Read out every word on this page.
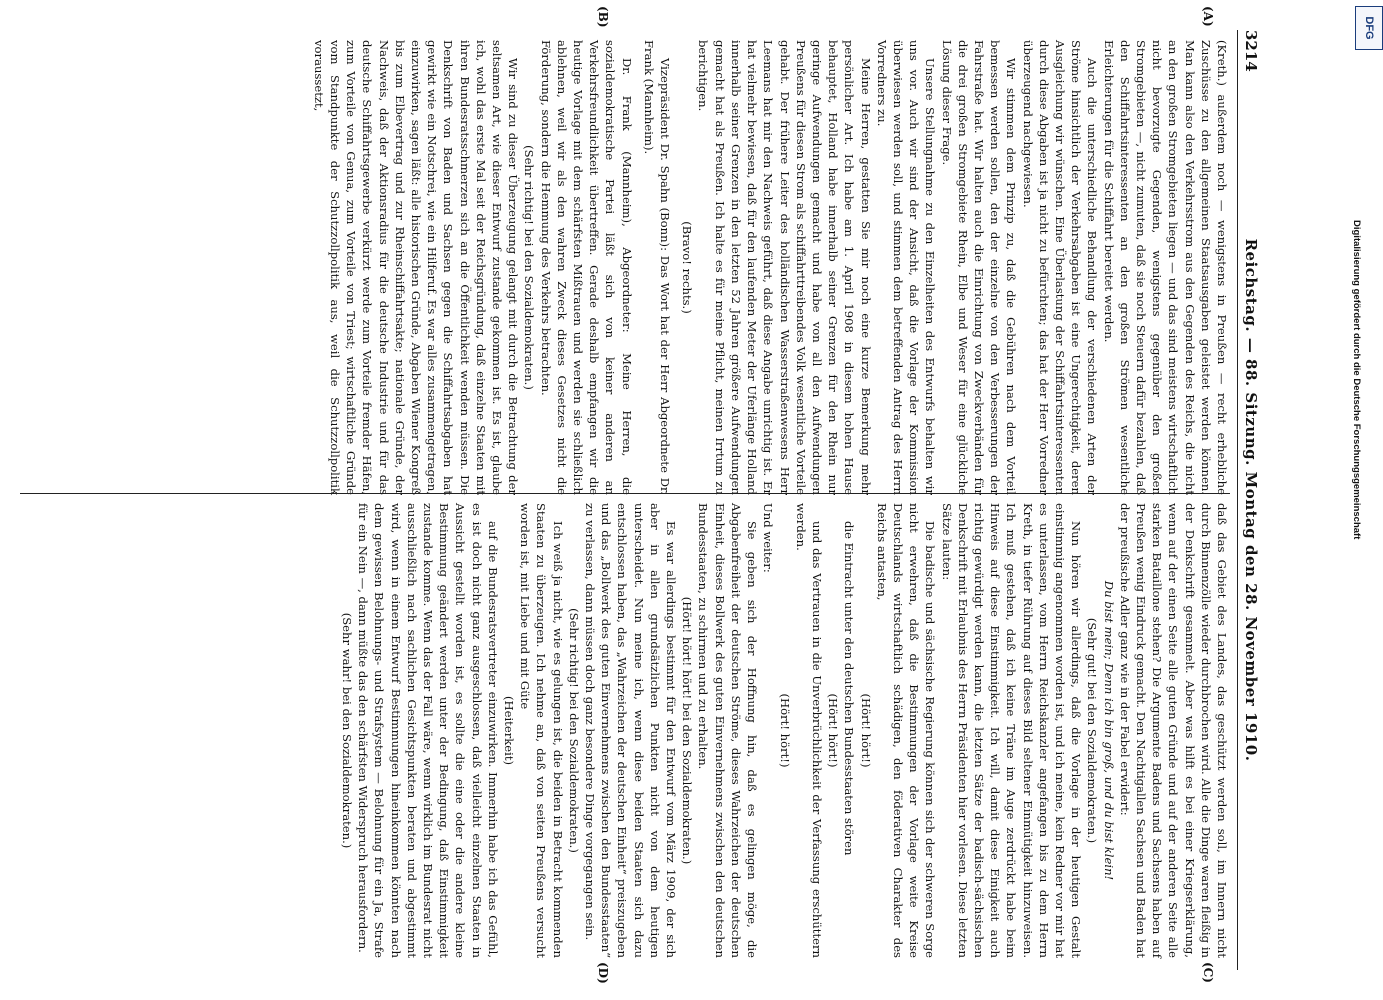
DFG
Digitalisierung gefördert durch die Deutsche Forschungsgemeinschaft
3214
Reichstag. — 88. Sitzung. Montag den 28. November 1910.
(A)
(B)
(C)
(D)

(Kreth.) außerdem noch — wenigstens in Preußen — recht erhebliche Zuschüsse zu den allgemeinen Staatsausgaben geleistet werden können. Man kann also den Verkehrsstrom aus den Gegenden des Reichs, die nicht an den großen Stromgebieten liegen — und das sind meistens wirtschaftlich nicht bevorzugte Gegenden, wenigstens gegenüber den großen Stromgebieten —, nicht zumuten, daß sie noch Steuern dafür bezahlen, daß den Schiffahrtsinteressenten an den großen Strömen wesentliche Erleichterungen für die Schiffahrt bereitet werden.

Auch die unterschiedliche Behandlung der verschiedenen Arten der Ströme hinsichtlich der Verkehrsabgaben ist eine Ungerechtigkeit, deren Ausgleichung wir wünschen. Eine Überlastung der Schiffahrtsinteressenten durch diese Abgaben ist ja nicht zu befürchten; das hat der Herr Vorredner überzeugend nachgewiesen.

Wir stimmen dem Prinzip zu, daß die Gebühren nach dem Vorteil bemessen werden sollen, den der einzelne von den Verbesserungen der Fahrstraße hat. Wir halten auch die Einrichtung von Zweckverbänden für die drei großen Stromgebiete Rhein, Elbe und Weser für eine glückliche Lösung dieser Frage.

Unsere Stellungnahme zu den Einzelheiten des Entwurfs behalten wir uns vor. Auch wir sind der Ansicht, daß die Vorlage der Kommission überwiesen werden soll, und stimmen dem betreffenden Antrag des Herrn Vorredners zu.

Meine Herren, gestatten Sie mir noch eine kurze Bemerkung mehr persönlicher Art. Ich habe am 1. April 1908 in diesem hohen Hause behauptet, Holland habe innerhalb seiner Grenzen für den Rhein nur geringe Aufwendungen gemacht und habe von all den Aufwendungen Preußens für diesen Strom als schiffahrttreibendes Volk wesentliche Vorteile gehabt. Der frühere Leiter des holländischen Wasserstraßenwesens Herr Leemans hat mir den Nachweis geführt, daß diese Angabe unrichtig ist. Er hat vielmehr bewiesen, daß für den laufenden Meter der Uferlänge Holland innerhalb seiner Grenzen in den letzten 52 Jahren größere Aufwendungen gemacht hat als Preußen. Ich halte es für meine Pflicht, meinen Irrtum zu berichtigen.

(Bravo! rechts.)

Vizepräsident Dr. Spahn (Bonn): Das Wort hat der Herr Abgeordnete Dr. Frank (Mannheim).

Dr. Frank (Mannheim), Abgeordneter: Meine Herren, die sozialdemokratische Partei läßt sich von keiner anderen an Verkehrsfreundlichkeit übertreffen. Gerade deshalb empfangen wir die heutige Vorlage mit dem schärfsten Mißtrauen und werden sie schließlich ablehnen, weil wir als den wahren Zweck dieses Gesetzes nicht die Förderung, sondern die Hemmung des Verkehrs betrachten.

(Sehr richtig! bei den Sozialdemokraten.)

Wir sind zu dieser Überzeugung gelangt mit durch die Betrachtung der seltsamen Art, wie dieser Entwurf zustande gekommen ist. Es ist, glaube ich, wohl das erste Mal seit der Reichsgründung, daß einzelne Staaten mit ihren Bundesratsschmerzen sich an die Öffentlichkeit wenden müssen. Die Denkschrift von Baden und Sachsen gegen die Schiffahrtsabgaben hat gewirkt wie ein Notschrei, wie ein Hilferuf. Es war alles zusammengetragen, einzuwirken, sagen läßt: alle historischen Gründe, Abgaben Wiener Kongreß bis zum Elbevertrag und zur Rheinschiffahrtsakte; nationale Gründe, der Nachweis, daß der Aktionsradius für die deutsche Industrie und für das deutsche Schiffahrtsgewerbe verkürzt werde zum Vorteile fremder Häfen, zum Vorteile von Genua, zum Vorteile von Triest; wirtschaftliche Gründe vom Standpunkte der Schutzzollpolitik aus, weil die Schutzzollpolitik voraussetzt,

daß das Gebiet des Landes, das geschützt werden soll, im Innern nicht durch Binnenzölle wieder durchbrochen wird. Alle die Dinge waren fleißig in der Denkschrift gesammelt. Aber was hilft es bei einer Kriegserklärung, wenn auf der einen Seite alle guten Gründe und auf der anderen Seite alle starken Bataillone stehen? Die Argumente Badens und Sachsens haben auf Preußen wenig Eindruck gemacht. Den Nachtigallen Sachsen und Baden hat der preußische Adler ganz wie in der Fabel erwidert:

Du bist mein; Denn ich bin groß, und du bist klein!

(Sehr gut! bei den Sozialdemokraten.)

Nun hören wir allerdings, daß die Vorlage in der heutigen Gestalt einstimmig angenommen worden ist, und ich meine, kein Redner vor mir hat es unterlassen, vom Herrn Reichskanzler angefangen bis zu dem Herrn Kreth, in tiefer Rührung auf dieses Bild seltener Einmütigkeit hinzuweisen. Ich muß gestehen, daß ich keine Träne im Auge zerdrückt habe beim Hinweis auf diese Einstimmigkeit. Ich will, damit diese Einigkeit auch richtig gewürdigt werden kann, die letzten Sätze der badisch-sächsischen Denkschrift mit Erlaubnis des Herrn Präsidenten hier vorlesen. Diese letzten Sätze lauten:

Die badische und sächsische Regierung können sich der schweren Sorge nicht erwehren, daß die Bestimmungen der Vorlage weite Kreise Deutschlands wirtschaftlich schädigen, den föderativen Charakter des Reichs antasten,

(Hört! hört!)

die Eintracht unter den deutschen Bundesstaaten stören

(Hört! hört!)

und das Vertrauen in die Unverbrüchlichkeit der Verfassung erschüttern werden.

(Hört! hört!)

Und weiter:

Sie geben sich der Hoffnung hin, daß es gelingen möge, die Abgabenfreiheit der deutschen Ströme, dieses Wahrzeichen der deutschen Einheit, dieses Bollwerk des guten Einvernehmens zwischen den deutschen Bundesstaaten, zu schirmen und zu erhalten.

(Hört! hört! hört! bei den Sozialdemokraten.)

Es war allerdings bestimmt für den Entwurf vom März 1909, der sich aber in allen grundsätzlichen Punkten nicht von dem heutigen unterscheidet. Nun meine ich, wenn diese beiden Staaten sich dazu entschlossen haben, das „Wahrzeichen der deutschen Einheit“ preiszugeben und das „Bollwerk des guten Einvernehmens zwischen den Bundesstaaten“ zu verlassen, dann müssen doch ganz besondere Dinge vorgegangen sein.

(Sehr richtig! bei den Sozialdemokraten.)

Ich weiß ja nicht, wie es gelungen ist, die beiden in Betracht kommenden Staaten zu überzeugen. Ich nehme an, daß von seiten Preußens versucht worden ist, mit Liebe und mit Güte

(Heiterkeit)

auf die Bundesratsvertreter einzuwirken. Immerhin habe ich das Gefühl, es ist doch nicht ganz ausgeschlossen, daß vielleicht einzelnen Staaten in Aussicht gestellt worden ist, es sollte die eine oder die andere kleine Bestimmung geändert werden unter der Bedingung, daß Einstimmigkeit zustande komme. Wenn das der Fall wäre, wenn wirklich im Bundesrat nicht ausschließlich nach sachlichen Gesichtspunkten beraten und abgestimmt wird, wenn in einem Entwurf Bestimmungen hineinkommen könnten nach dem gewissen Belohnungs- und Strafsystem — Belohnung für ein Ja, Strafe für ein Nein —, dann müßte das den schärfsten Widerspruch herausfordern.

(Sehr wahr! bei den Sozialdemokraten.)
